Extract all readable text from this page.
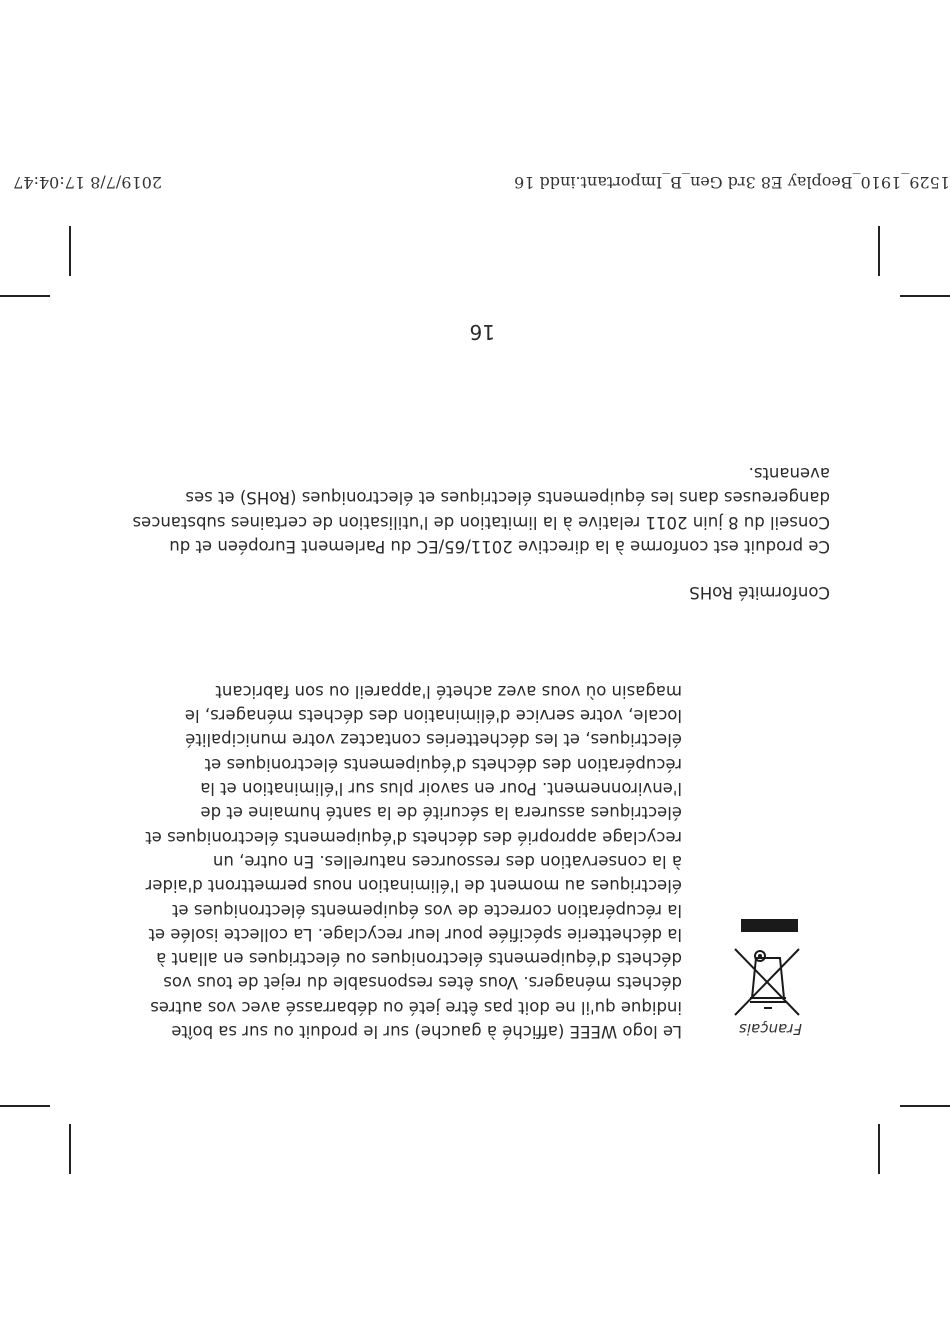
1529_1910_Beoplay E8 3rd Gen_B_Important.indd 16
2019/7/8 17:04:47
Français
Le logo WEEE (affiché à gauche) sur le produit ou sur sa boîte indique qu'il ne doit pas être jeté ou débarrassé avec vos autres déchets ménagers. Vous êtes responsable du rejet de tous vos déchets d'équipements électroniques ou électriques en allant à la déchetterie spécifiée pour leur recyclage. La collecte isolée et la récupération correcte de vos équipements électroniques et électriques au moment de l'élimination nous permettront d'aider à la conservation des ressources naturelles. En outre, un recyclage approprié des déchets d'équipements électroniques et électriques assurera la sécurité de la santé humaine et de l'environnement. Pour en savoir plus sur l'élimination et la récupération des déchets d'équipements électroniques et électriques, et les déchetteries contactez votre municipalité locale, votre service d'élimination des déchets ménagers, le magasin où vous avez acheté l'appareil ou son fabricant
Conformité RoHS
Ce produit est conforme à la directive 2011/65/EC du Parlement Européen et du Conseil du 8 juin 2011 relative à la limitation de l'utilisation de certaines substances dangereuses dans les équipements électriques et électroniques (RoHS) et ses avenants.
16
